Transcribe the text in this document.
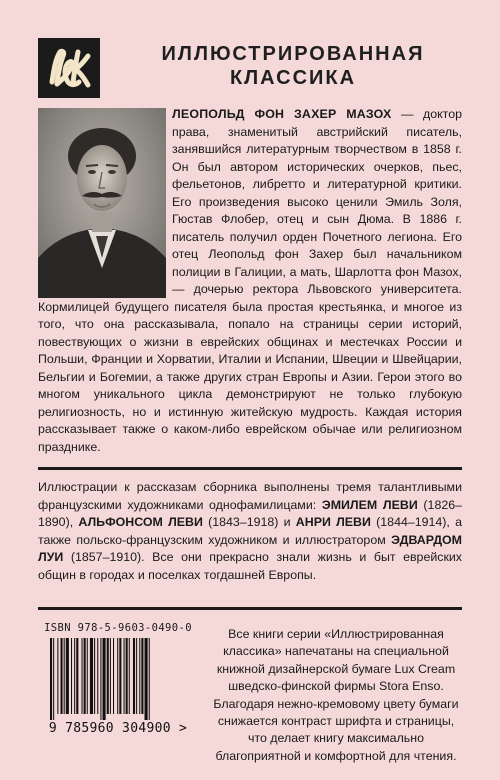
ИЛЛЮСТРИРОВАННАЯ
КЛАССИКА

ЛЕОПОЛЬД ФОН ЗАХЕР МАЗОХ — доктор права, знаменитый австрийский писатель, занявшийся литературным творчеством в 1858 г. Он был автором исторических очерков, пьес, фельетонов, либретто и литературной критики. Его произведения высоко ценили Эмиль Золя, Гюстав Флобер, отец и сын Дюма. В 1886 г. писатель получил орден Почетного легиона. Его отец Леопольд фон Захер был начальником полиции в Галиции, а мать, Шарлотта фон Мазох, — дочерью ректора Львовского университета. Кормилицей будущего писателя была простая крестьянка, и многое из того, что она рассказывала, попало на страницы серии историй, повествующих о жизни в еврейских общинах и местечках России и Польши, Франции и Хорватии, Италии и Испании, Швеции и Швейцарии, Бельгии и Богемии, а также других стран Европы и Азии. Герои этого во многом уникального цикла демонстрируют не только глубокую религиозность, но и истинную житейскую мудрость. Каждая история рассказывает также о каком-либо еврейском обычае или религиозном празднике.

Иллюстрации к рассказам сборника выполнены тремя талантливыми французскими художниками однофамилицами: ЭМИЛЕМ ЛЕВИ (1826–1890), АЛЬФОНСОМ ЛЕВИ (1843–1918) и АНРИ ЛЕВИ (1844–1914), а также польско-французским художником и иллюстратором ЭДВАРДОМ ЛУИ (1857–1910). Все они прекрасно знали жизнь и быт еврейских общин в городах и поселках тогдашней Европы.

ISBN 978-5-9603-0490-0
9 785960 304900 >

Все книги серии «Иллюстрированная классика» напечатаны на специальной книжной дизайнерской бумаге Lux Cream шведско-финской фирмы Stora Enso. Благодаря нежно-кремовому цвету бумаги снижается контраст шрифта и страницы, что делает книгу максимально благоприятной и комфортной для чтения.
